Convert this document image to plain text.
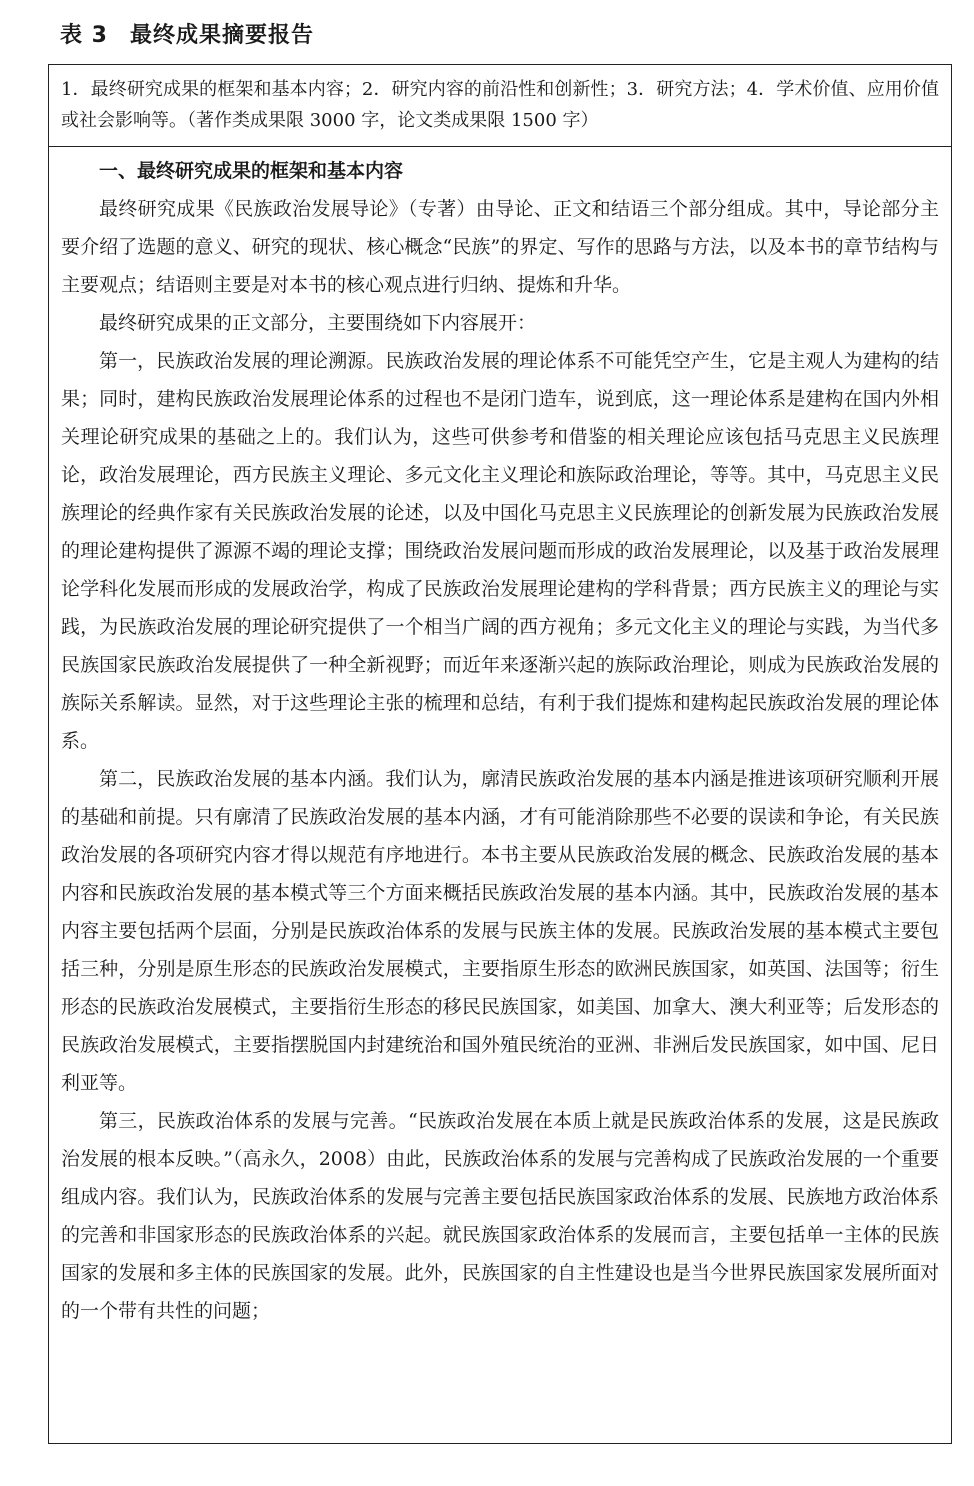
表 3 最终成果摘要报告
1．最终研究成果的框架和基本内容；2．研究内容的前沿性和创新性；3．研究方法；4．学术价值、应用价值或社会影响等。（著作类成果限 3000 字，论文类成果限 1500 字）
一、最终研究成果的框架和基本内容

最终研究成果《民族政治发展导论》（专著）由导论、正文和结语三个部分组成。其中，导论部分主要介绍了选题的意义、研究的现状、核心概念“民族”的界定、写作的思路与方法，以及本书的章节结构与主要观点；结语则主要是对本书的核心观点进行归纳、提炼和升华。

最终研究成果的正文部分，主要围绕如下内容展开：

第一，民族政治发展的理论溯源。民族政治发展的理论体系不可能凭空产生，它是主观人为建构的结果；同时，建构民族政治发展理论体系的过程也不是闭门造车，说到底，这一理论体系是建构在国内外相关理论研究成果的基础之上的。我们认为，这些可供参考和借鉴的相关理论应该包括马克思主义民族理论，政治发展理论，西方民族主义理论、多元文化主义理论和族际政治理论，等等。其中，马克思主义民族理论的经典作家有关民族政治发展的论述，以及中国化马克思主义民族理论的创新发展为民族政治发展的理论建构提供了源源不竭的理论支撑；围绕政治发展问题而形成的政治发展理论，以及基于政治发展理论学科化发展而形成的发展政治学，构成了民族政治发展理论建构的学科背景；西方民族主义的理论与实践，为民族政治发展的理论研究提供了一个相当广阔的西方视角；多元文化主义的理论与实践，为当代多民族国家民族政治发展提供了一种全新视野；而近年来逐渐兴起的族际政治理论，则成为民族政治发展的族际关系解读。显然，对于这些理论主张的梳理和总结，有利于我们提炼和建构起民族政治发展的理论体系。

第二，民族政治发展的基本内涵。我们认为，廓清民族政治发展的基本内涵是推进该项研究顺利开展的基础和前提。只有廓清了民族政治发展的基本内涵，才有可能消除那些不必要的误读和争论，有关民族政治发展的各项研究内容才得以规范有序地进行。本书主要从民族政治发展的概念、民族政治发展的基本内容和民族政治发展的基本模式等三个方面来概括民族政治发展的基本内涵。其中，民族政治发展的基本内容主要包括两个层面，分别是民族政治体系的发展与民族主体的发展。民族政治发展的基本模式主要包括三种，分别是原生形态的民族政治发展模式，主要指原生形态的欧洲民族国家，如英国、法国等；衍生形态的民族政治发展模式，主要指衍生形态的移民民族国家，如美国、加拿大、澳大利亚等；后发形态的民族政治发展模式，主要指摆脱国内封建统治和国外殖民统治的亚洲、非洲后发民族国家，如中国、尼日利亚等。

第三，民族政治体系的发展与完善。“民族政治发展在本质上就是民族政治体系的发展，这是民族政治发展的根本反映。”（高永久，2008）由此，民族政治体系的发展与完善构成了民族政治发展的一个重要组成内容。我们认为，民族政治体系的发展与完善主要包括民族国家政治体系的发展、民族地方政治体系的完善和非国家形态的民族政治体系的兴起。就民族国家政治体系的发展而言，主要包括单一主体的民族国家的发展和多主体的民族国家的发展。此外，民族国家的自主性建设也是当今世界民族国家发展所面对的一个带有共性的问题；
